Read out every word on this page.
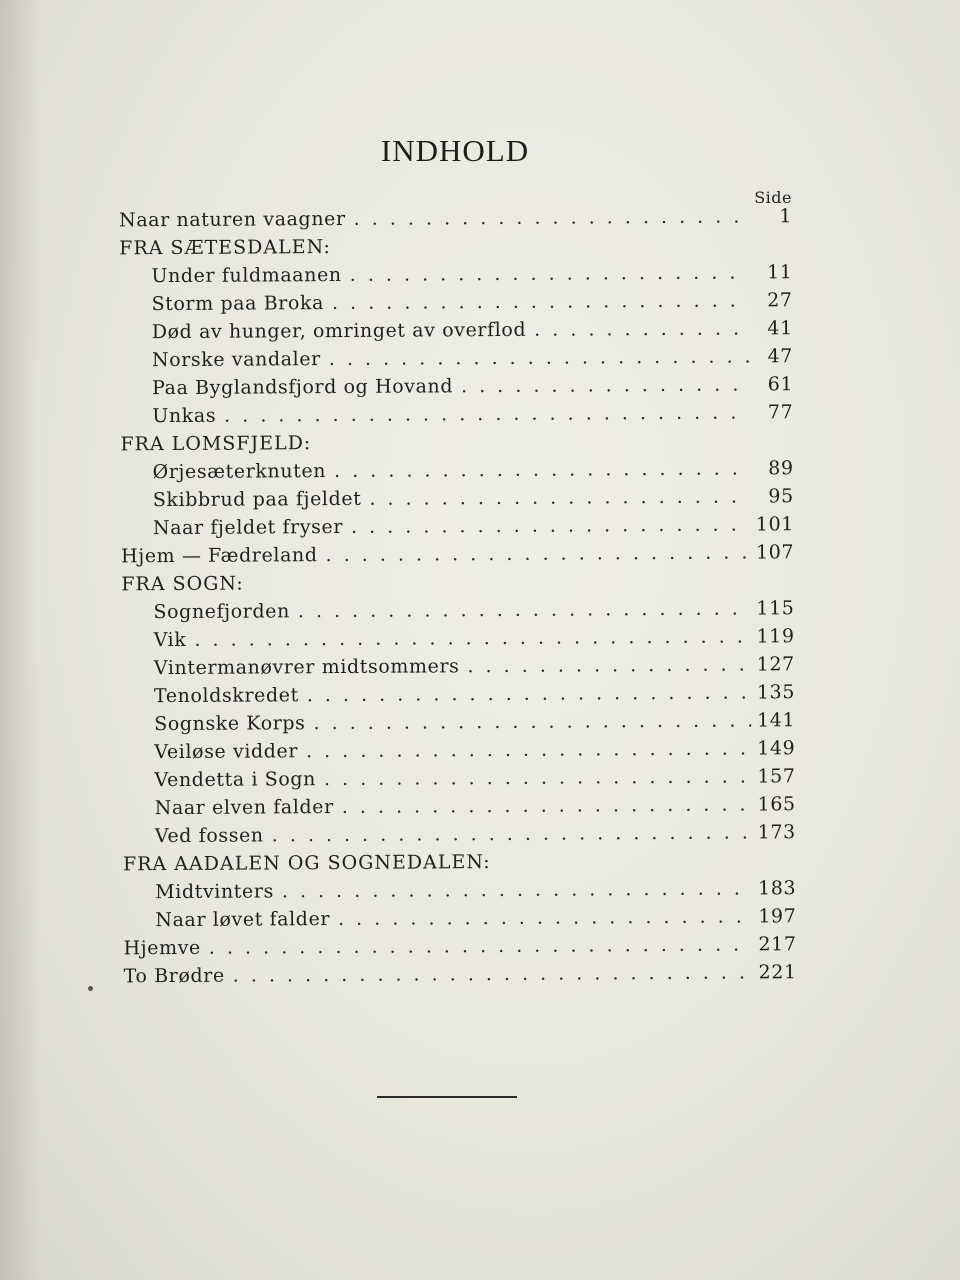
INDHOLD
Side
Naar naturen vaagner . . .	1
FRA SÆTESDALEN:
Under fuldmaanen . . .	11
Storm paa Broka . . .	27
Død av hunger, omringet av overflod . . .	41
Norske vandaler . . .	47
Paa Byglandsfjord og Hovand . . .	61
Unkas . . .	77
FRA LOMSFJELD:
Ørjesæterknuten . . .	89
Skibbrud paa fjeldet . . .	95
Naar fjeldet fryser . . .	101
Hjem — Fædreland . . .	107
FRA SOGN:
Sognefjorden . . .	115
Vik . . .	119
Vintermanøvrer midtsommers . . .	127
Tenoldskredet . . .	135
Sognske Korps . . .	141
Veiløse vidder . . .	149
Vendetta i Sogn . . .	157
Naar elven falder . . .	165
Ved fossen . . .	173
FRA AADALEN OG SOGNEDALEN:
Midtvinters . . .	183
Naar løvet falder . . .	197
Hjemve . . .	217
To Brødre . . .	221
